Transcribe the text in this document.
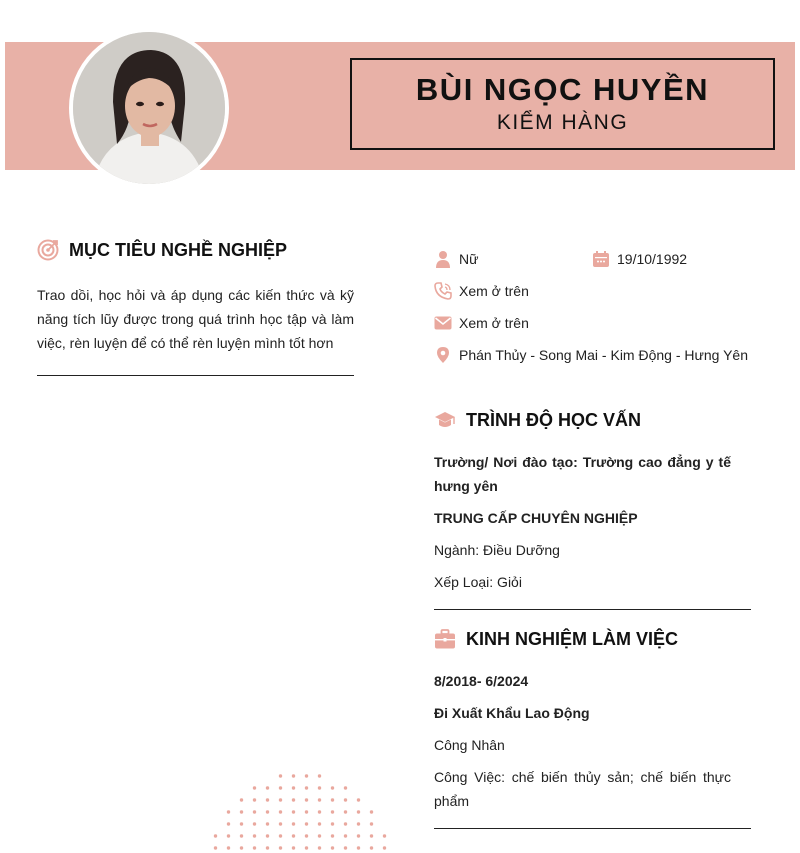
BÙI NGỌC HUYỀN
KIỂM HÀNG
MỤC TIÊU NGHỀ NGHIỆP
Trao dồi, học hỏi và áp dụng các kiến thức và kỹ năng tích lũy được trong quá trình học tập và làm việc, rèn luyện để có thể rèn luyện mình tốt hơn
Nữ	19/10/1992
Xem ở trên
Xem ở trên
Phán Thủy - Song Mai - Kim Động - Hưng Yên
TRÌNH ĐỘ HỌC VẤN
Trường/ Nơi đào tạo: Trường cao đẳng y tế hưng yên
TRUNG CẤP CHUYÊN NGHIỆP
Ngành: Điều Dưỡng
Xếp Loại: Giỏi
KINH NGHIỆM LÀM VIỆC
8/2018- 6/2024
Đi Xuất Khẩu Lao Động
Công Nhân
Công Việc: chế biến thủy sản; chế biến thực phẩm
